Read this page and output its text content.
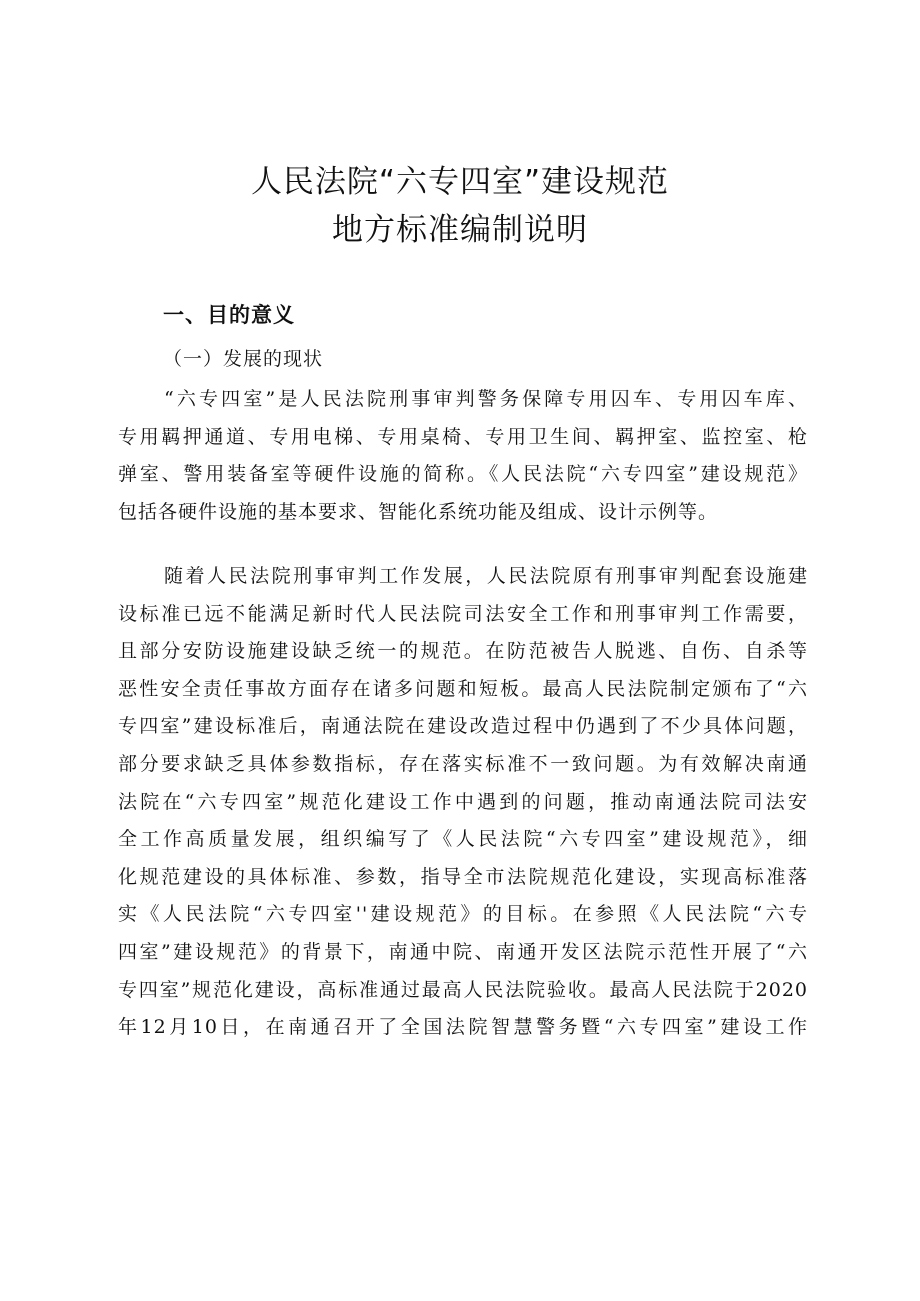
人民法院“六专四室”建设规范
地方标准编制说明
一、目的意义
（一）发展的现状
“六专四室”是人民法院刑事审判警务保障专用囚车、专用囚车库、
专用羁押通道、专用电梯、专用桌椅、专用卫生间、羁押室、监控室、枪
弹室、警用装备室等硬件设施的简称。《人民法院“六专四室”建设规范》
包括各硬件设施的基本要求、智能化系统功能及组成、设计示例等。
随着人民法院刑事审判工作发展，人民法院原有刑事审判配套设施建
设标准已远不能满足新时代人民法院司法安全工作和刑事审判工作需要，
且部分安防设施建设缺乏统一的规范。在防范被告人脱逃、自伤、自杀等
恶性安全责任事故方面存在诸多问题和短板。最高人民法院制定颁布了“六
专四室”建设标准后，南通法院在建设改造过程中仍遇到了不少具体问题，
部分要求缺乏具体参数指标，存在落实标准不一致问题。为有效解决南通
法院在“六专四室”规范化建设工作中遇到的问题，推动南通法院司法安
全工作高质量发展，组织编写了《人民法院“六专四室”建设规范》，细
化规范建设的具体标准、参数，指导全市法院规范化建设，实现高标准落
实《人民法院“六专四室''建设规范》的目标。在参照《人民法院“六专
四室”建设规范》的背景下，南通中院、南通开发区法院示范性开展了“六
专四室”规范化建设，高标准通过最高人民法院验收。最高人民法院于2020
年12月10日，在南通召开了全国法院智慧警务暨“六专四室”建设工作
